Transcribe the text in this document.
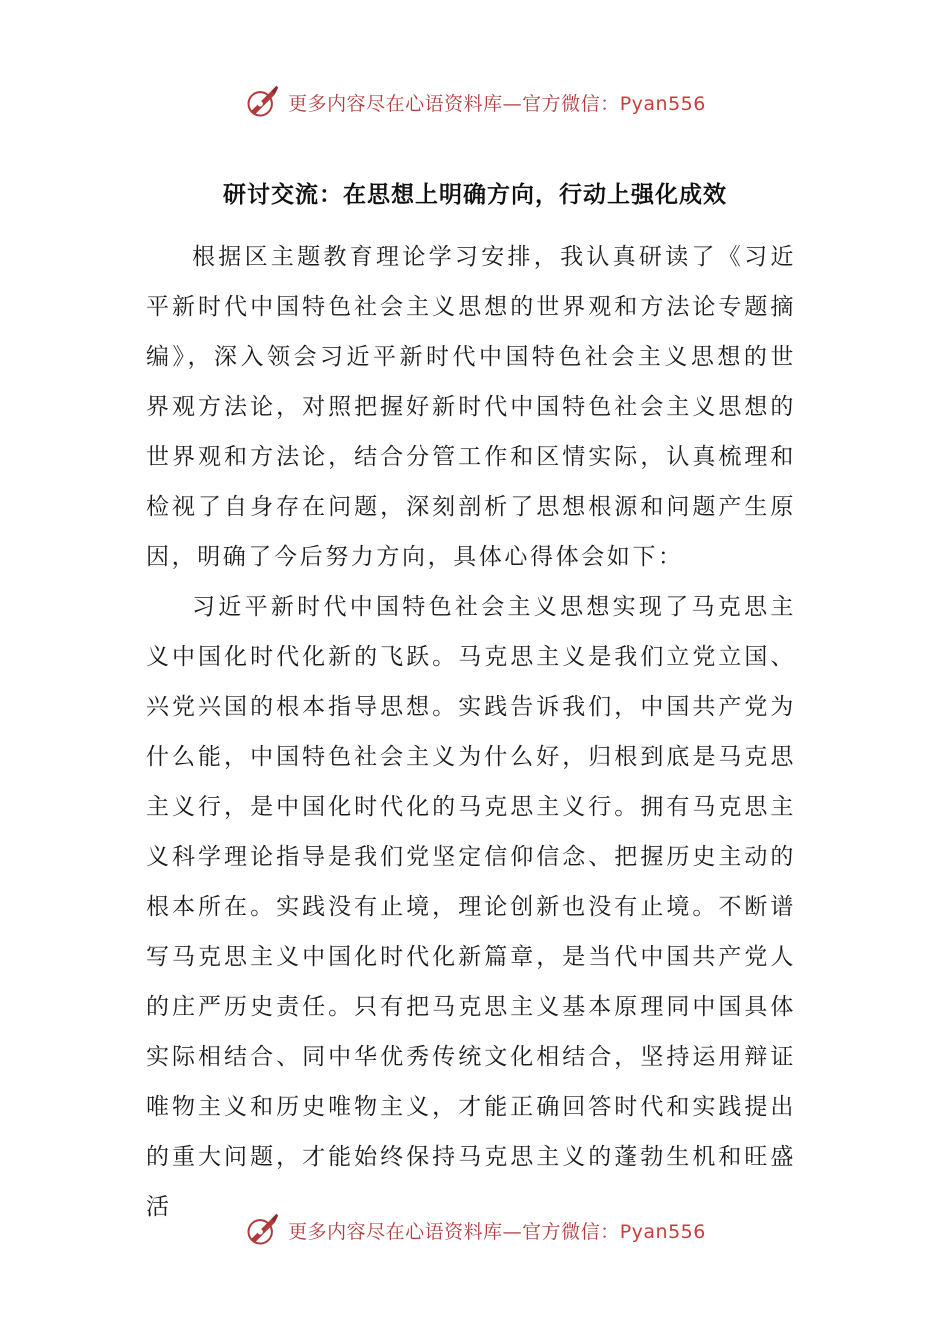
更多内容尽在心语资料库—官方微信：Pyan556
研讨交流：在思想上明确方向，行动上强化成效

根据区主题教育理论学习安排，我认真研读了《习近平新时代中国特色社会主义思想的世界观和方法论专题摘编》，深入领会习近平新时代中国特色社会主义思想的世界观方法论，对照把握好新时代中国特色社会主义思想的世界观和方法论，结合分管工作和区情实际，认真梳理和检视了自身存在问题，深刻剖析了思想根源和问题产生原因，明确了今后努力方向，具体心得体会如下：

习近平新时代中国特色社会主义思想实现了马克思主义中国化时代化新的飞跃。马克思主义是我们立党立国、兴党兴国的根本指导思想。实践告诉我们，中国共产党为什么能，中国特色社会主义为什么好，归根到底是马克思主义行，是中国化时代化的马克思主义行。拥有马克思主义科学理论指导是我们党坚定信仰信念、把握历史主动的根本所在。实践没有止境，理论创新也没有止境。不断谱写马克思主义中国化时代化新篇章，是当代中国共产党人的庄严历史责任。只有把马克思主义基本原理同中国具体实际相结合、同中华优秀传统文化相结合，坚持运用辩证唯物主义和历史唯物主义，才能正确回答时代和实践提出的重大问题，才能始终保持马克思主义的蓬勃生机和旺盛活

更多内容尽在心语资料库—官方微信：Pyan556
